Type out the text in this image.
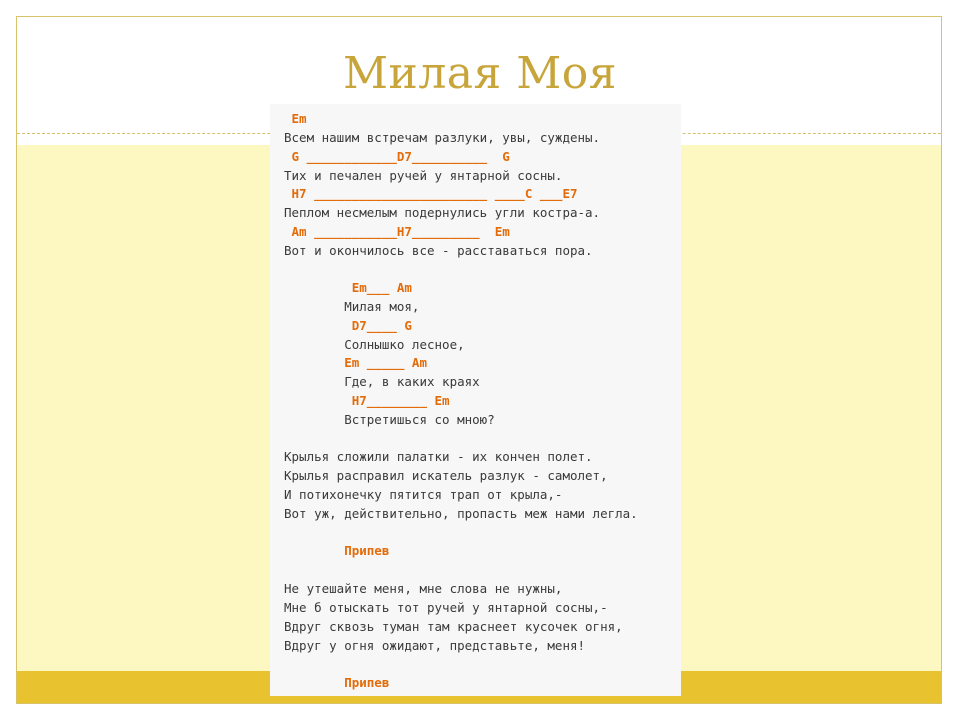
Милая Моя
Em
Всем нашим встречам разлуки, увы, суждены.
G ____________D7__________  G
Тих и печален ручей у янтарной сосны.
H7 _______________________ ____C ___E7
Пеплом несмелым подернулись угли костра-а.
Am ___________H7_________  Em
Вот и окончилось все - расставаться пора.
Em___ Am
Милая моя,
D7____ G
Солнышко лесное,
Em _____ Am
Где, в каких краях
H7________ Em
Встретишься со мною?
Крылья сложили палатки - их кончен полет.
Крылья расправил искатель разлук - самолет,
И потихонечку пятится трап от крыла,-
Вот уж, действительно, пропасть меж нами легла.
Припев
Не утешайте меня, мне слова не нужны,
Мне б отыскать тот ручей у янтарной сосны,-
Вдруг сквозь туман там краснеет кусочек огня,
Вдруг у огня ожидают, представьте, меня!
Припев
